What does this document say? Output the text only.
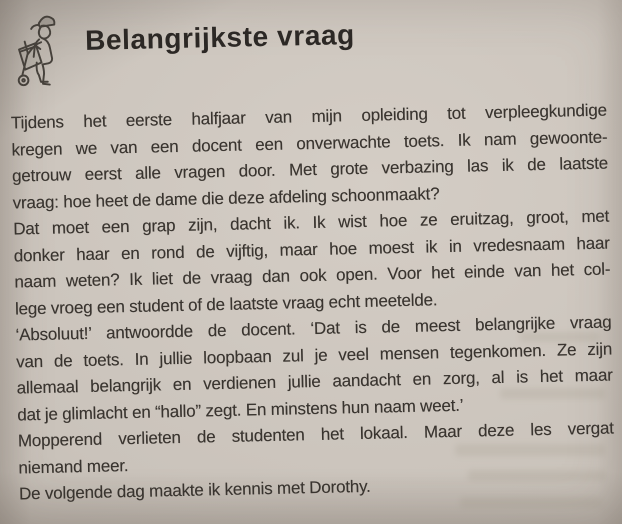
Belangrijkste vraag
Tijdens het eerste halfjaar van mijn opleiding tot verpleegkundige
kregen we van een docent een onverwachte toets. Ik nam gewoonte-
getrouw eerst alle vragen door. Met grote verbazing las ik de laatste
vraag: hoe heet de dame die deze afdeling schoonmaakt?
Dat moet een grap zijn, dacht ik. Ik wist hoe ze eruitzag, groot, met
donker haar en rond de vijftig, maar hoe moest ik in vredesnaam haar
naam weten? Ik liet de vraag dan ook open. Voor het einde van het col-
lege vroeg een student of de laatste vraag echt meetelde.
‘Absoluut!’ antwoordde de docent. ‘Dat is de meest belangrijke vraag
van de toets. In jullie loopbaan zul je veel mensen tegenkomen. Ze zijn
allemaal belangrijk en verdienen jullie aandacht en zorg, al is het maar
dat je glimlacht en “hallo” zegt. En minstens hun naam weet.’
Mopperend verlieten de studenten het lokaal. Maar deze les vergat
niemand meer.
De volgende dag maakte ik kennis met Dorothy.
